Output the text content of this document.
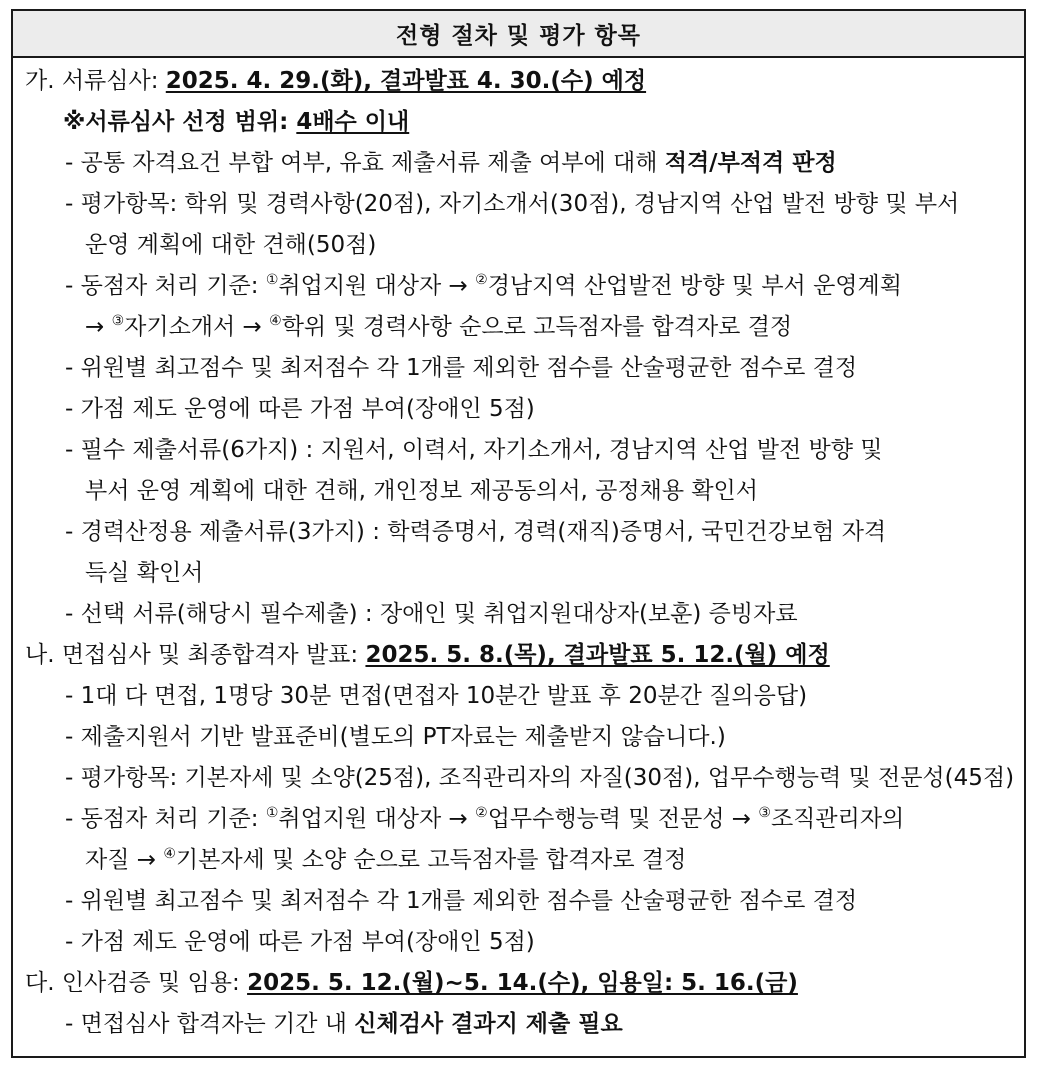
전형 절차 및 평가 항목
가. 서류심사: 2025. 4. 29.(화), 결과발표 4. 30.(수) 예정
※서류심사 선정 범위: 4배수 이내
- 공통 자격요건 부합 여부, 유효 제출서류 제출 여부에 대해 적격/부적격 판정
- 평가항목: 학위 및 경력사항(20점), 자기소개서(30점), 경남지역 산업 발전 방향 및 부서
운영 계획에 대한 견해(50점)
- 동점자 처리 기준: ①취업지원 대상자 → ②경남지역 산업발전 방향 및 부서 운영계획
→ ③자기소개서 → ④학위 및 경력사항 순으로 고득점자를 합격자로 결정
- 위원별 최고점수 및 최저점수 각 1개를 제외한 점수를 산술평균한 점수로 결정
- 가점 제도 운영에 따른 가점 부여(장애인 5점)
- 필수 제출서류(6가지) : 지원서, 이력서, 자기소개서, 경남지역 산업 발전 방향 및
부서 운영 계획에 대한 견해, 개인정보 제공동의서, 공정채용 확인서
- 경력산정용 제출서류(3가지) : 학력증명서, 경력(재직)증명서, 국민건강보험 자격
득실 확인서
- 선택 서류(해당시 필수제출) : 장애인 및 취업지원대상자(보훈) 증빙자료
나. 면접심사 및 최종합격자 발표: 2025. 5. 8.(목), 결과발표 5. 12.(월) 예정
- 1대 다 면접, 1명당 30분 면접(면접자 10분간 발표 후 20분간 질의응답)
- 제출지원서 기반 발표준비(별도의 PT자료는 제출받지 않습니다.)
- 평가항목: 기본자세 및 소양(25점), 조직관리자의 자질(30점), 업무수행능력 및 전문성(45점)
- 동점자 처리 기준: ①취업지원 대상자 → ②업무수행능력 및 전문성 → ③조직관리자의
자질 → ④기본자세 및 소양 순으로 고득점자를 합격자로 결정
- 위원별 최고점수 및 최저점수 각 1개를 제외한 점수를 산술평균한 점수로 결정
- 가점 제도 운영에 따른 가점 부여(장애인 5점)
다. 인사검증 및 임용: 2025. 5. 12.(월)~5. 14.(수), 임용일: 5. 16.(금)
- 면접심사 합격자는 기간 내 신체검사 결과지 제출 필요
